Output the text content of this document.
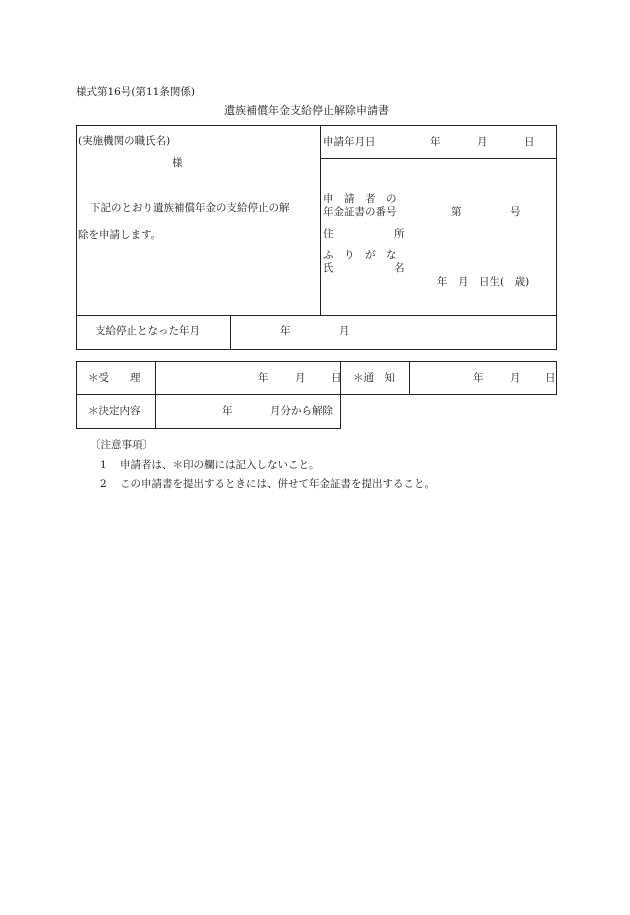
様式第16号(第11条関係)
遺族補償年金支給停止解除申請書
(実施機関の職氏名)
様
下記のとおり遺族補償年金の支給停止の解
除を申請します。
申請年月日	年	月	日
申　請　者　の
年金証書の番号	第	号
住	所
ふ　り　が　な
氏	名
年　月　日生(　歳)
支給停止となった年月	年	月
＊受　　理	年	月 日 ＊通　知	年	月 日
＊決定内容	年	月分から解除
〔注意事項〕
1 申請者は、＊印の欄には記入しないこと。
2 この申請書を提出するときには、併せて年金証書を提出すること。
